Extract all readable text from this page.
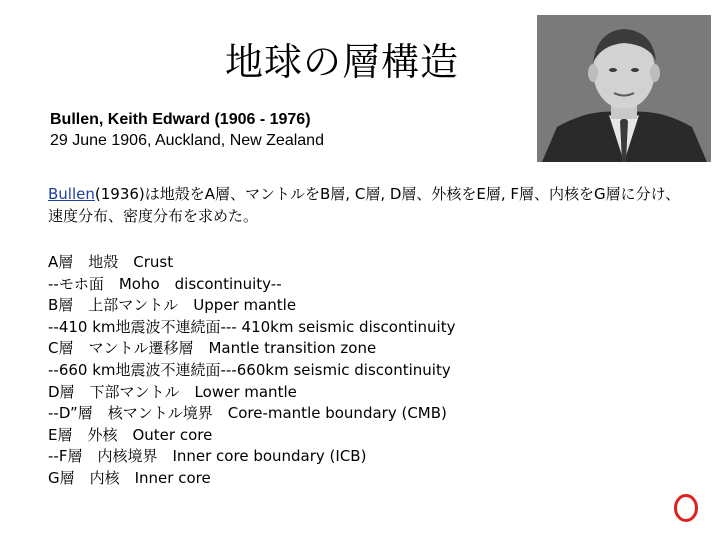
地球の層構造
Bullen, Keith Edward (1906 - 1976)
29 June 1906, Auckland, New Zealand
Bullen(1936)は地殻をA層、マントルをB層, C層, D層、外核をE層, F層、内核をG層に分け、速度分布、密度分布を求めた。
A層　地殻　Crust
--モホ面　Moho　discontinuity--
B層　上部マントル　Upper mantle
--410 km地震波不連続面--- 410km seismic discontinuity
C層　マントル遷移層　Mantle transition zone
--660 km地震波不連続面---660km seismic discontinuity
D層　下部マントル　Lower mantle
--D”層　核マントル境界　Core-mantle boundary (CMB)
E層　外核　Outer core
--F層　内核境界　Inner core boundary (ICB)
G層　内核　Inner core
